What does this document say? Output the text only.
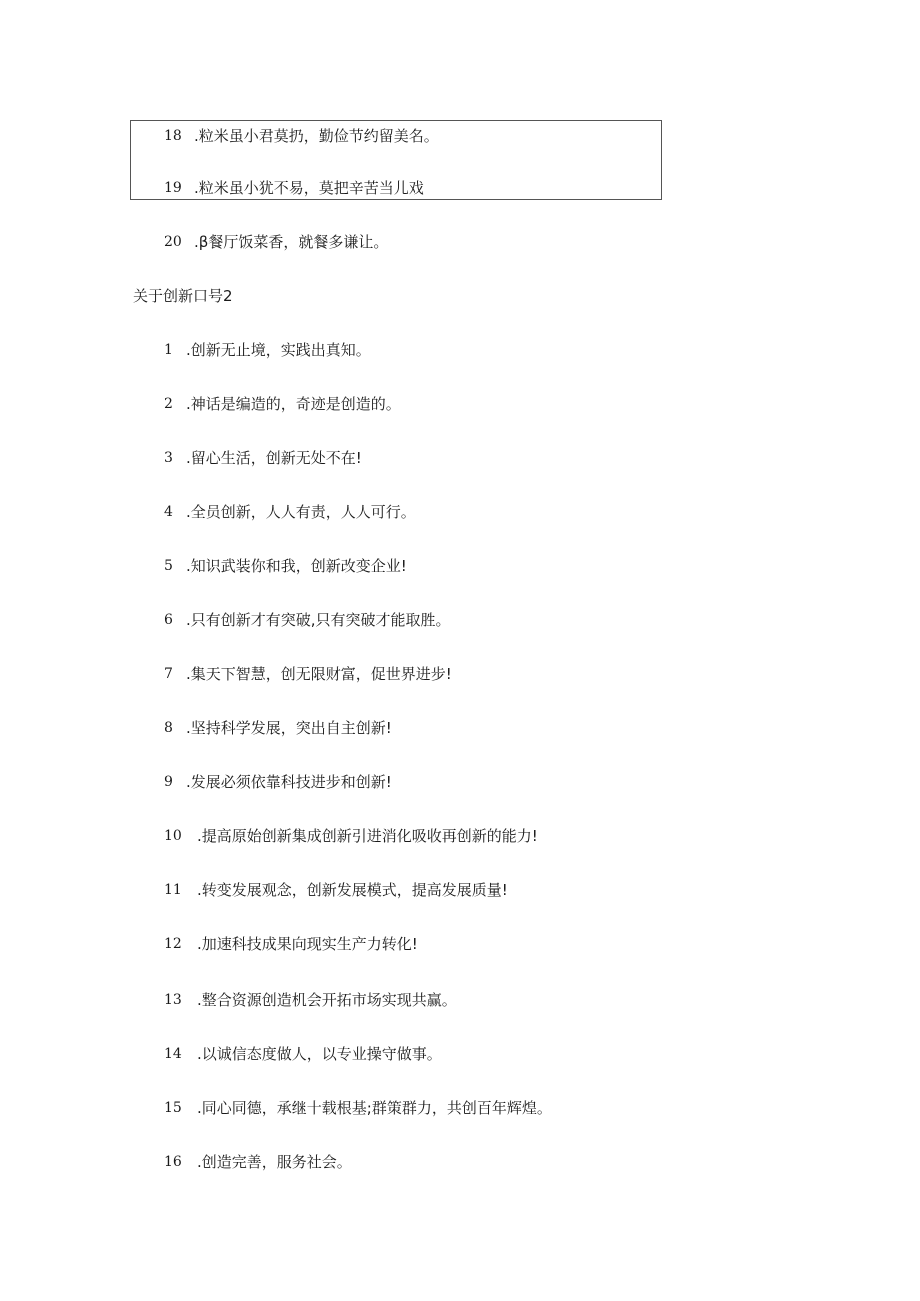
18 .粒米虽小君莫扔，勤俭节约留美名。
19 .粒米虽小犹不易，莫把辛苦当儿戏
20 .β餐厅饭菜香，就餐多谦让。
关于创新口号2
1 .创新无止境，实践出真知。
2 .神话是编造的，奇迹是创造的。
3 .留心生活，创新无处不在!
4 .全员创新，人人有责，人人可行。
5 .知识武装你和我，创新改变企业!
6 .只有创新才有突破,只有突破才能取胜。
7 .集天下智慧，创无限财富，促世界进步!
8 .坚持科学发展，突出自主创新!
9 .发展必须依靠科技进步和创新!
10 .提高原始创新集成创新引进消化吸收再创新的能力!
11 .转变发展观念，创新发展模式，提高发展质量!
12 .加速科技成果向现实生产力转化!
13 .整合资源创造机会开拓市场实现共赢。
14 .以诚信态度做人，以专业操守做事。
15 .同心同德，承继十载根基;群策群力，共创百年辉煌。
16 .创造完善，服务社会。
